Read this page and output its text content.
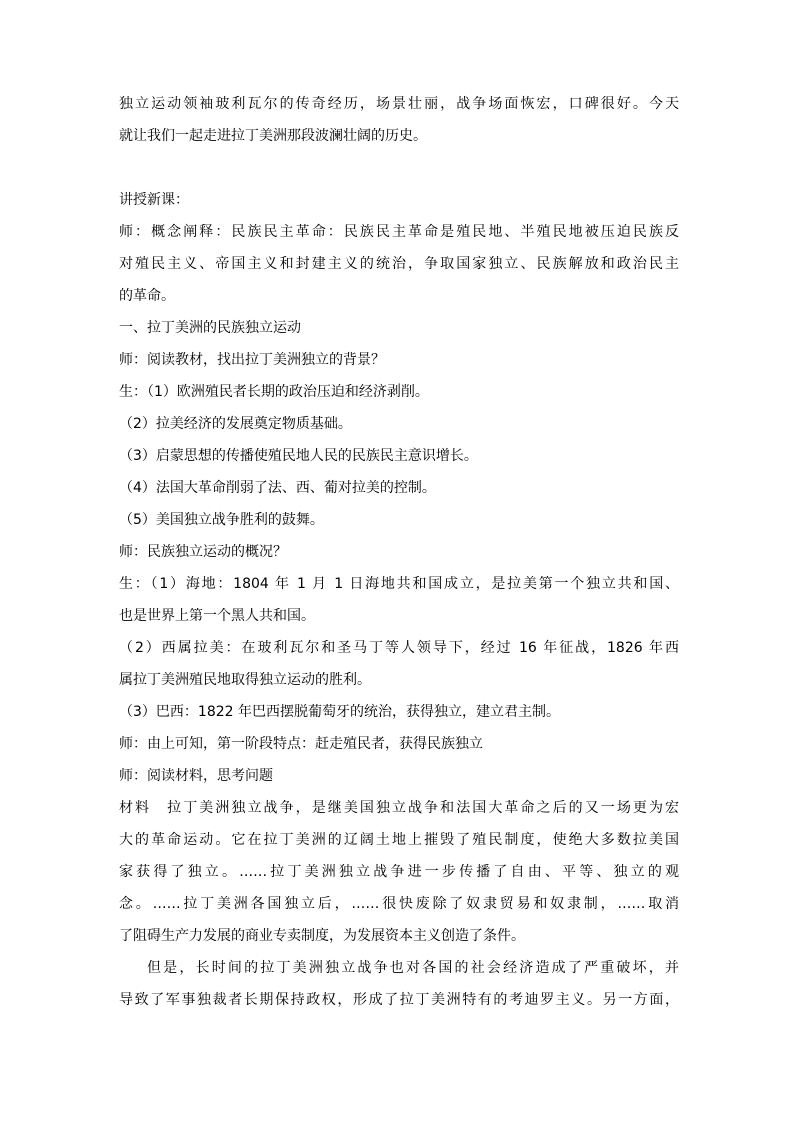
独立运动领袖玻利瓦尔的传奇经历，场景壮丽，战争场面恢宏，口碑很好。今天
就让我们一起走进拉丁美洲那段波澜壮阔的历史。
讲授新课：
师：概念阐释：民族民主革命：民族民主革命是殖民地、半殖民地被压迫民族反
对殖民主义、帝国主义和封建主义的统治，争取国家独立、民族解放和政治民主
的革命。
一、拉丁美洲的民族独立运动
师：阅读教材，找出拉丁美洲独立的背景？
生：（1）欧洲殖民者长期的政治压迫和经济剥削。
（2）拉美经济的发展奠定物质基础。
（3）启蒙思想的传播使殖民地人民的民族民主意识增长。
（4）法国大革命削弱了法、西、葡对拉美的控制。
（5）美国独立战争胜利的鼓舞。
师：民族独立运动的概况？
生：（1）海地：1804 年 1 月 1 日海地共和国成立，是拉美第一个独立共和国、
也是世界上第一个黑人共和国。
（2）西属拉美：在玻利瓦尔和圣马丁等人领导下，经过 16 年征战，1826 年西
属拉丁美洲殖民地取得独立运动的胜利。
（3）巴西：1822 年巴西摆脱葡萄牙的统治，获得独立，建立君主制。
师：由上可知，第一阶段特点：赶走殖民者，获得民族独立
师：阅读材料，思考问题
材料　拉丁美洲独立战争，是继美国独立战争和法国大革命之后的又一场更为宏
大的革命运动。它在拉丁美洲的辽阔土地上摧毁了殖民制度，使绝大多数拉美国
家获得了独立。……拉丁美洲独立战争进一步传播了自由、平等、独立的观
念。……拉丁美洲各国独立后，……很快废除了奴隶贸易和奴隶制，……取消
了阻碍生产力发展的商业专卖制度，为发展资本主义创造了条件。
但是，长时间的拉丁美洲独立战争也对各国的社会经济造成了严重破坏，并
导致了军事独裁者长期保持政权，形成了拉丁美洲特有的考迪罗主义。另一方面，
